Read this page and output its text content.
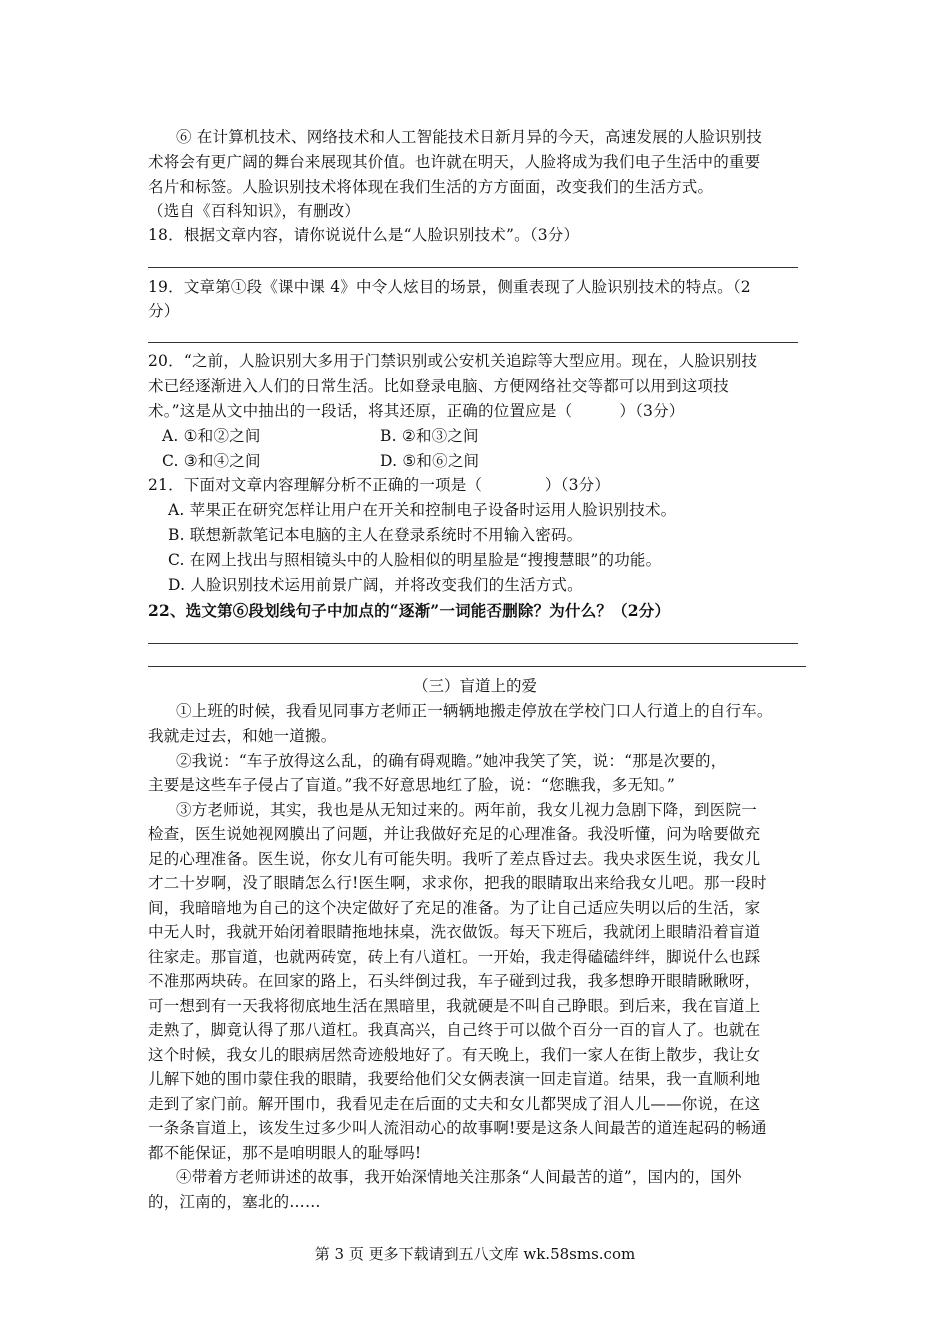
⑥ 在计算机技术、网络技术和人工智能技术日新月异的今天，高速发展的人脸识别技
术将会有更广阔的舞台来展现其价值。也许就在明天，人脸将成为我们电子生活中的重要
名片和标签。人脸识别技术将体现在我们生活的方方面面，改变我们的生活方式。
（选自《百科知识》，有删改）
18．根据文章内容，请你说说什么是“人脸识别技术”。（3分）
19．文章第①段《课中课 4》中令人炫目的场景，侧重表现了人脸识别技术的特点。（2
分）
20．“之前，人脸识别大多用于门禁识别或公安机关追踪等大型应用。现在，人脸识别技
术已经逐渐进入人们的日常生活。比如登录电脑、方便网络社交等都可以用到这项技
术。”这是从文中抽出的一段话，将其还原，正确的位置应是（　　　）（3分）
A. ①和②之间	B. ②和③之间
C. ③和④之间	D. ⑤和⑥之间
21．下面对文章内容理解分析不正确的一项是（　　　　）（3分）
A. 苹果正在研究怎样让用户在开关和控制电子设备时运用人脸识别技术。
B. 联想新款笔记本电脑的主人在登录系统时不用输入密码。
C. 在网上找出与照相镜头中的人脸相似的明星脸是“搜搜慧眼”的功能。
D. 人脸识别技术运用前景广阔，并将改变我们的生活方式。
22、选文第⑥段划线句子中加点的“逐渐”一词能否删除？为什么？（2分）
（三）盲道上的爱
①上班的时候，我看见同事方老师正一辆辆地搬走停放在学校门口人行道上的自行车。
我就走过去，和她一道搬。
②我说：“车子放得这么乱，的确有碍观瞻。”她冲我笑了笑，说：“那是次要的，
主要是这些车子侵占了盲道。”我不好意思地红了脸，说：“您瞧我，多无知。”
③方老师说，其实，我也是从无知过来的。两年前，我女儿视力急剧下降，到医院一
检查，医生说她视网膜出了问题，并让我做好充足的心理准备。我没听懂，问为啥要做充
足的心理准备。医生说，你女儿有可能失明。我听了差点昏过去。我央求医生说，我女儿
才二十岁啊，没了眼睛怎么行!医生啊，求求你，把我的眼睛取出来给我女儿吧。那一段时
间，我暗暗地为自己的这个决定做好了充足的准备。为了让自己适应失明以后的生活，家
中无人时，我就开始闭着眼睛拖地抹桌，洗衣做饭。每天下班后，我就闭上眼睛沿着盲道
往家走。那盲道，也就两砖宽，砖上有八道杠。一开始，我走得磕磕绊绊，脚说什么也踩
不准那两块砖。在回家的路上，石头绊倒过我，车子碰到过我，我多想睁开眼睛瞅瞅呀，
可一想到有一天我将彻底地生活在黑暗里，我就硬是不叫自己睁眼。到后来，我在盲道上
走熟了，脚竟认得了那八道杠。我真高兴，自己终于可以做个百分一百的盲人了。也就在
这个时候，我女儿的眼病居然奇迹般地好了。有天晚上，我们一家人在街上散步，我让女
儿解下她的围巾蒙住我的眼睛，我要给他们父女俩表演一回走盲道。结果，我一直顺利地
走到了家门前。解开围巾，我看见走在后面的丈夫和女儿都哭成了泪人儿——你说，在这
一条条盲道上，该发生过多少叫人流泪动心的故事啊!要是这条人间最苦的道连起码的畅通
都不能保证，那不是咱明眼人的耻辱吗!
④带着方老师讲述的故事，我开始深情地关注那条“人间最苦的道”，国内的，国外
的，江南的，塞北的……
第 3 页 更多下载请到五八文库 wk.58sms.com
